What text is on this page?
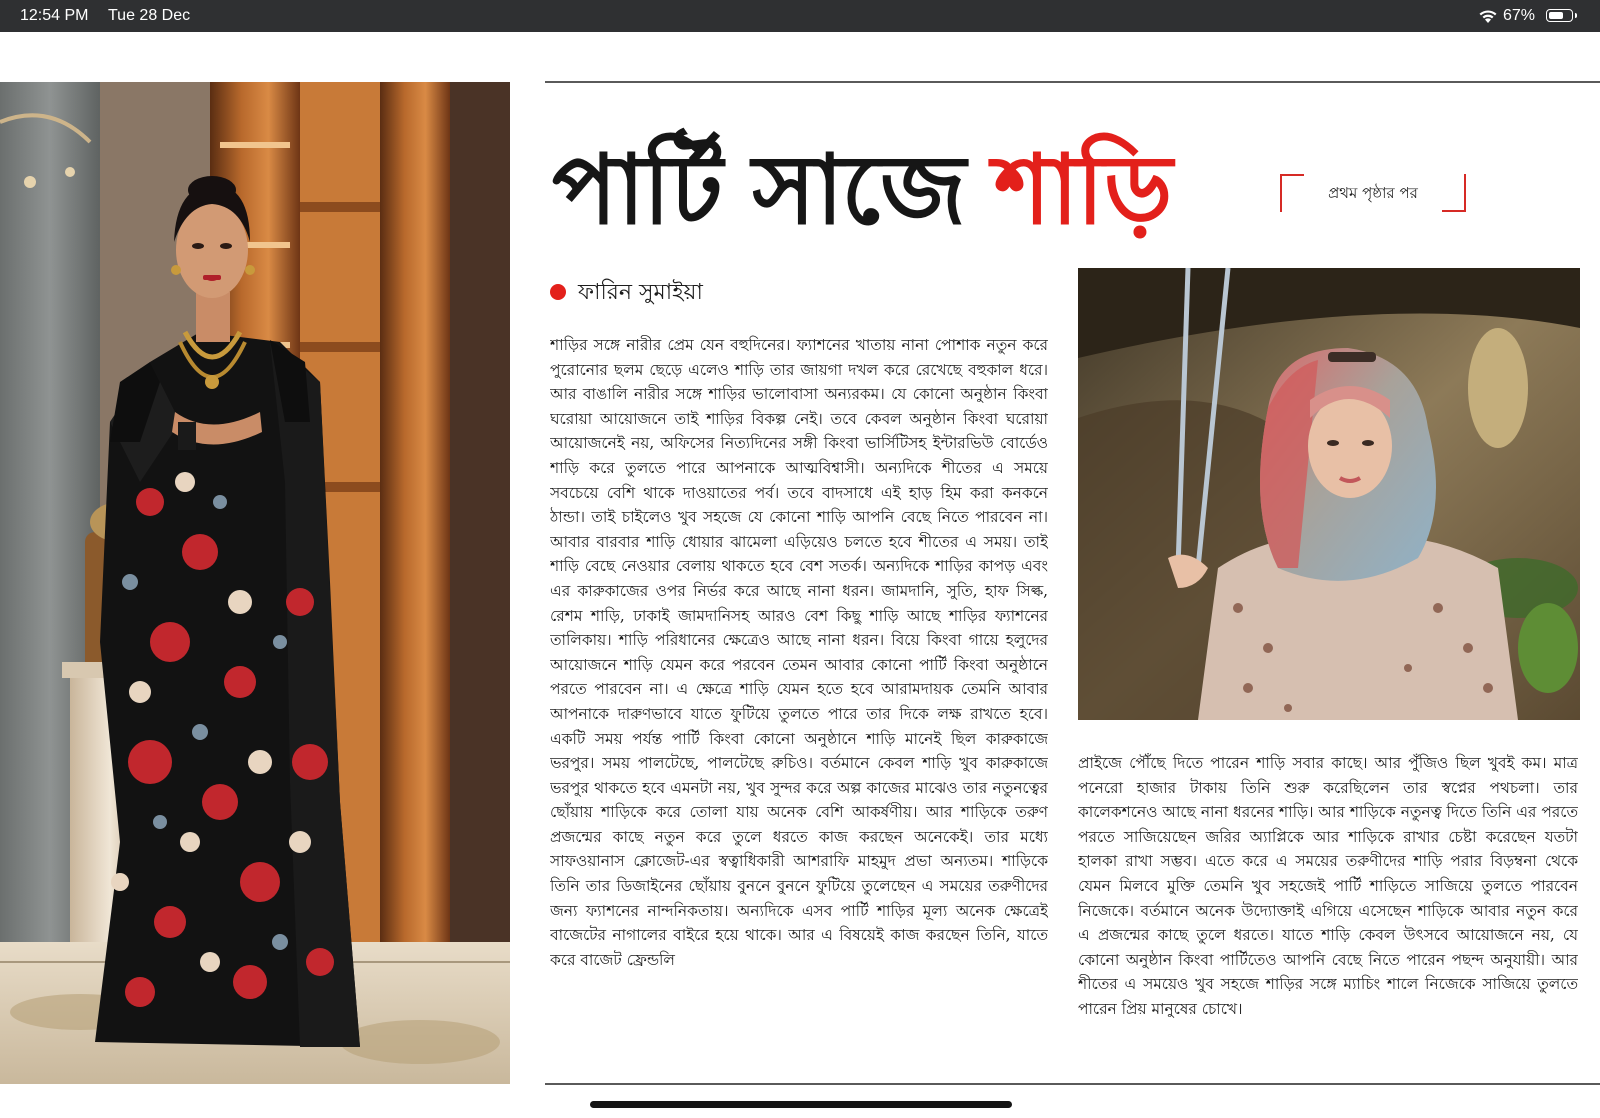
12:54 PM Tue 28 Dec	67%
পার্টি সাজে শাড়ি	প্রথম পৃষ্ঠার পর
ফারিন সুমাইয়া
শাড়ির সঙ্গে নারীর প্রেম যেন বহুদিনের। ফ্যাশনের খাতায় নানা পোশাক নতুন করে পুরোনোর ছলম ছেড়ে এলেও শাড়ি তার জায়গা দখল করে রেখেছে বহুকাল ধরে। আর বাঙালি নারীর সঙ্গে শাড়ির ভালোবাসা অন্যরকম। যে কোনো অনুষ্ঠান কিংবা ঘরোয়া আয়োজনে তাই শাড়ির বিকল্প নেই। তবে কেবল অনুষ্ঠান কিংবা ঘরোয়া আয়োজনেই নয়, অফিসের নিত্যদিনের সঙ্গী কিংবা ভার্সিটিসহ ইন্টারভিউ বোর্ডেও শাড়ি করে তুলতে পারে আপনাকে আত্মবিশ্বাসী। অন্যদিকে শীতের এ সময়ে সবচেয়ে বেশি থাকে দাওয়াতের পর্ব। তবে বাদসাধে এই হাড় হিম করা কনকনে ঠান্ডা। তাই চাইলেও খুব সহজে যে কোনো শাড়ি আপনি বেছে নিতে পারবেন না। আবার বারবার শাড়ি ধোয়ার ঝামেলা এড়িয়েও চলতে হবে শীতের এ সময়। তাই শাড়ি বেছে নেওয়ার বেলায় থাকতে হবে বেশ সতর্ক। অন্যদিকে শাড়ির কাপড় এবং এর কারুকাজের ওপর নির্ভর করে আছে নানা ধরন। জামদানি, সুতি, হাফ সিল্ক, রেশম শাড়ি, ঢাকাই জামদানিসহ আরও বেশ কিছু শাড়ি আছে শাড়ির ফ্যাশনের তালিকায়। শাড়ি পরিধানের ক্ষেত্রেও আছে নানা ধরন। বিয়ে কিংবা গায়ে হলুদের আয়োজনে শাড়ি যেমন করে পরবেন তেমন আবার কোনো পার্টি কিংবা অনুষ্ঠানে পরতে পারবেন না। এ ক্ষেত্রে শাড়ি যেমন হতে হবে আরামদায়ক তেমনি আবার আপনাকে দারুণভাবে যাতে ফুটিয়ে তুলতে পারে তার দিকে লক্ষ রাখতে হবে। একটি সময় পর্যন্ত পার্টি কিংবা কোনো অনুষ্ঠানে শাড়ি মানেই ছিল কারুকাজে ভরপুর। সময় পালটেছে, পালটেছে রুচিও। বর্তমানে কেবল শাড়ি খুব কারুকাজে ভরপুর থাকতে হবে এমনটা নয়, খুব সুন্দর করে অল্প কাজের মাঝেও তার নতুনত্বের ছোঁয়ায় শাড়িকে করে তোলা যায় অনেক বেশি আকর্ষণীয়। আর শাড়িকে তরুণ প্রজন্মের কাছে নতুন করে তুলে ধরতে কাজ করছেন অনেকেই। তার মধ্যে সাফওয়ানাস ক্লোজেট-এর স্বত্বাধিকারী আশরাফি মাহমুদ প্রভা অন্যতম। শাড়িকে তিনি তার ডিজাইনের ছোঁয়ায় বুননে বুননে ফুটিয়ে তুলেছেন এ সময়ের তরুণীদের জন্য ফ্যাশনের নান্দনিকতায়। অন্যদিকে এসব পার্টি শাড়ির মূল্য অনেক ক্ষেত্রেই বাজেটের নাগালের বাইরে হয়ে থাকে। আর এ বিষয়েই কাজ করছেন তিনি, যাতে করে বাজেট ফ্রেন্ডলি
প্রাইজে পৌঁছে দিতে পারেন শাড়ি সবার কাছে। আর পুঁজিও ছিল খুবই কম। মাত্র পনেরো হাজার টাকায় তিনি শুরু করেছিলেন তার স্বপ্নের পথচলা। তার কালেকশনেও আছে নানা ধরনের শাড়ি। আর শাড়িকে নতুনত্ব দিতে তিনি এর পরতে পরতে সাজিয়েছেন জরির অ্যাপ্লিকে আর শাড়িকে রাখার চেষ্টা করেছেন যতটা হালকা রাখা সম্ভব। এতে করে এ সময়ের তরুণীদের শাড়ি পরার বিড়ম্বনা থেকে যেমন মিলবে মুক্তি তেমনি খুব সহজেই পার্টি শাড়িতে সাজিয়ে তুলতে পারবেন নিজেকে। বর্তমানে অনেক উদ্যোক্তাই এগিয়ে এসেছেন শাড়িকে আবার নতুন করে এ প্রজন্মের কাছে তুলে ধরতে। যাতে শাড়ি কেবল উৎসবে আয়োজনে নয়, যে কোনো অনুষ্ঠান কিংবা পার্টিতেও আপনি বেছে নিতে পারেন পছন্দ অনুযায়ী। আর শীতের এ সময়েও খুব সহজে শাড়ির সঙ্গে ম্যাচিং শালে নিজেকে সাজিয়ে তুলতে পারেন প্রিয় মানুষের চোখে।
